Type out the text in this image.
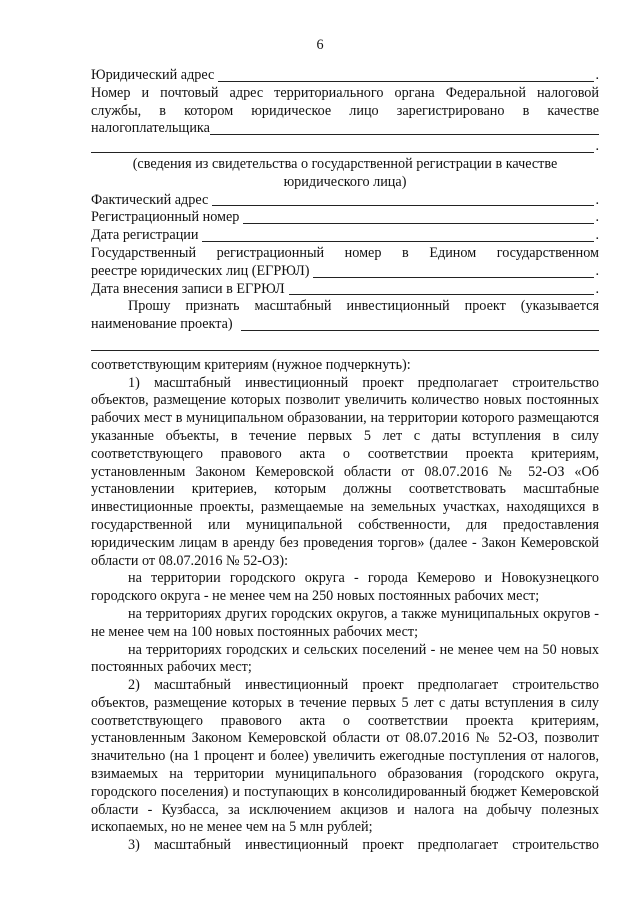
6
Юридический адрес	.
Номер и почтовый адрес территориального органа Федеральной налоговой
службы, в котором юридическое лицо зарегистрировано в качестве
налогоплательщика
.
(сведения из свидетельства о государственной регистрации в качестве юридического лица)
Фактический адрес	.
Регистрационный номер	.
Дата регистрации	.
Государственный регистрационный номер в Едином государственном
реестре юридических лиц (ЕГРЮЛ)	.
Дата внесения записи в ЕГРЮЛ	.
Прошу признать масштабный инвестиционный проект (указывается
наименование проекта)

соответствующим критериям (нужное подчеркнуть):

1) масштабный инвестиционный проект предполагает строительство объектов, размещение которых позволит увеличить количество новых постоянных рабочих мест в муниципальном образовании, на территории которого размещаются указанные объекты, в течение первых 5 лет с даты вступления в силу соответствующего правового акта о соответствии проекта критериям, установленным Законом Кемеровской области от 08.07.2016 № 52-ОЗ «Об установлении критериев, которым должны соответствовать масштабные инвестиционные проекты, размещаемые на земельных участках, находящихся в государственной или муниципальной собственности, для предоставления юридическим лицам в аренду без проведения торгов» (далее - Закон Кемеровской области от 08.07.2016 № 52-ОЗ):

на территории городского округа - города Кемерово и Новокузнецкого городского округа - не менее чем на 250 новых постоянных рабочих мест;

на территориях других городских округов, а также муниципальных округов - не менее чем на 100 новых постоянных рабочих мест;

на территориях городских и сельских поселений - не менее чем на 50 новых постоянных рабочих мест;

2) масштабный инвестиционный проект предполагает строительство объектов, размещение которых в течение первых 5 лет с даты вступления в силу соответствующего правового акта о соответствии проекта критериям, установленным Законом Кемеровской области от 08.07.2016 № 52-ОЗ, позволит значительно (на 1 процент и более) увеличить ежегодные поступления от налогов, взимаемых на территории муниципального образования (городского округа, городского поселения) и поступающих в консолидированный бюджет Кемеровской области - Кузбасса, за исключением акцизов и налога на добычу полезных ископаемых, но не менее чем на 5 млн рублей;

3) масштабный инвестиционный проект предполагает строительство
